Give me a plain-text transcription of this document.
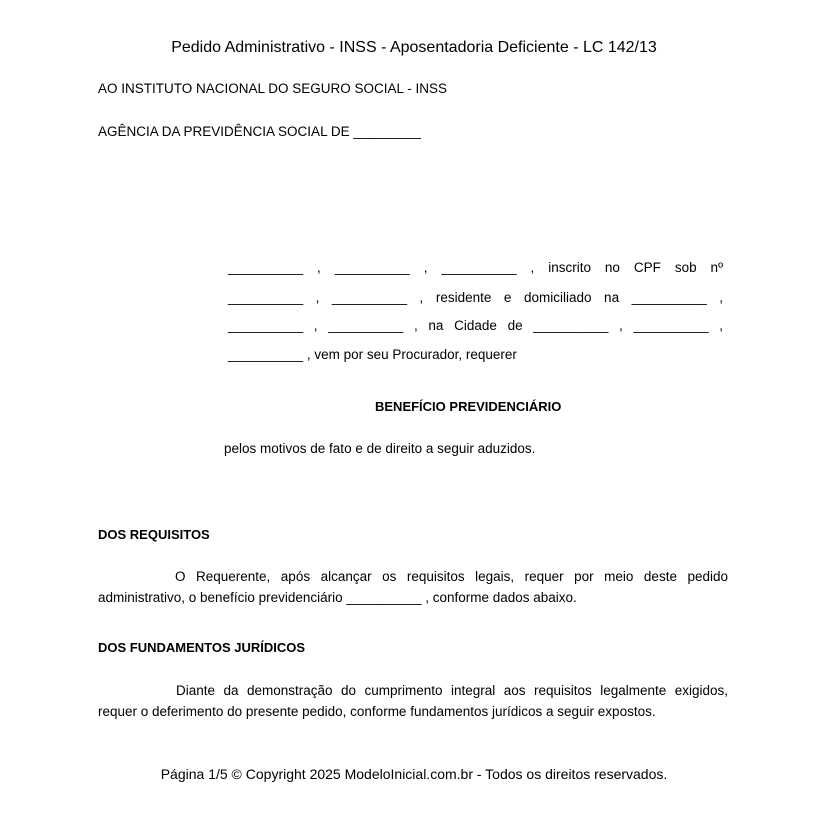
Pedido Administrativo - INSS - Aposentadoria Deficiente - LC 142/13
AO INSTITUTO NACIONAL DO SEGURO SOCIAL - INSS
AGÊNCIA DA PREVIDÊNCIA SOCIAL DE _________
__________ , __________ , __________ , inscrito no CPF sob nº
__________ , __________ , residente e domiciliado na __________ ,
__________ , __________ , na Cidade de __________ , __________ ,
__________ , vem por seu Procurador, requerer
BENEFÍCIO PREVIDENCIÁRIO
pelos motivos de fato e de direito a seguir aduzidos.
DOS REQUISITOS
O Requerente, após alcançar os requisitos legais, requer por meio deste pedido
administrativo, o benefício previdenciário __________ , conforme dados abaixo.
DOS FUNDAMENTOS JURÍDICOS
Diante da demonstração do cumprimento integral aos requisitos legalmente exigidos,
requer o deferimento do presente pedido, conforme fundamentos jurídicos a seguir expostos.
Página 1/5 © Copyright 2025 ModeloInicial.com.br - Todos os direitos reservados.
